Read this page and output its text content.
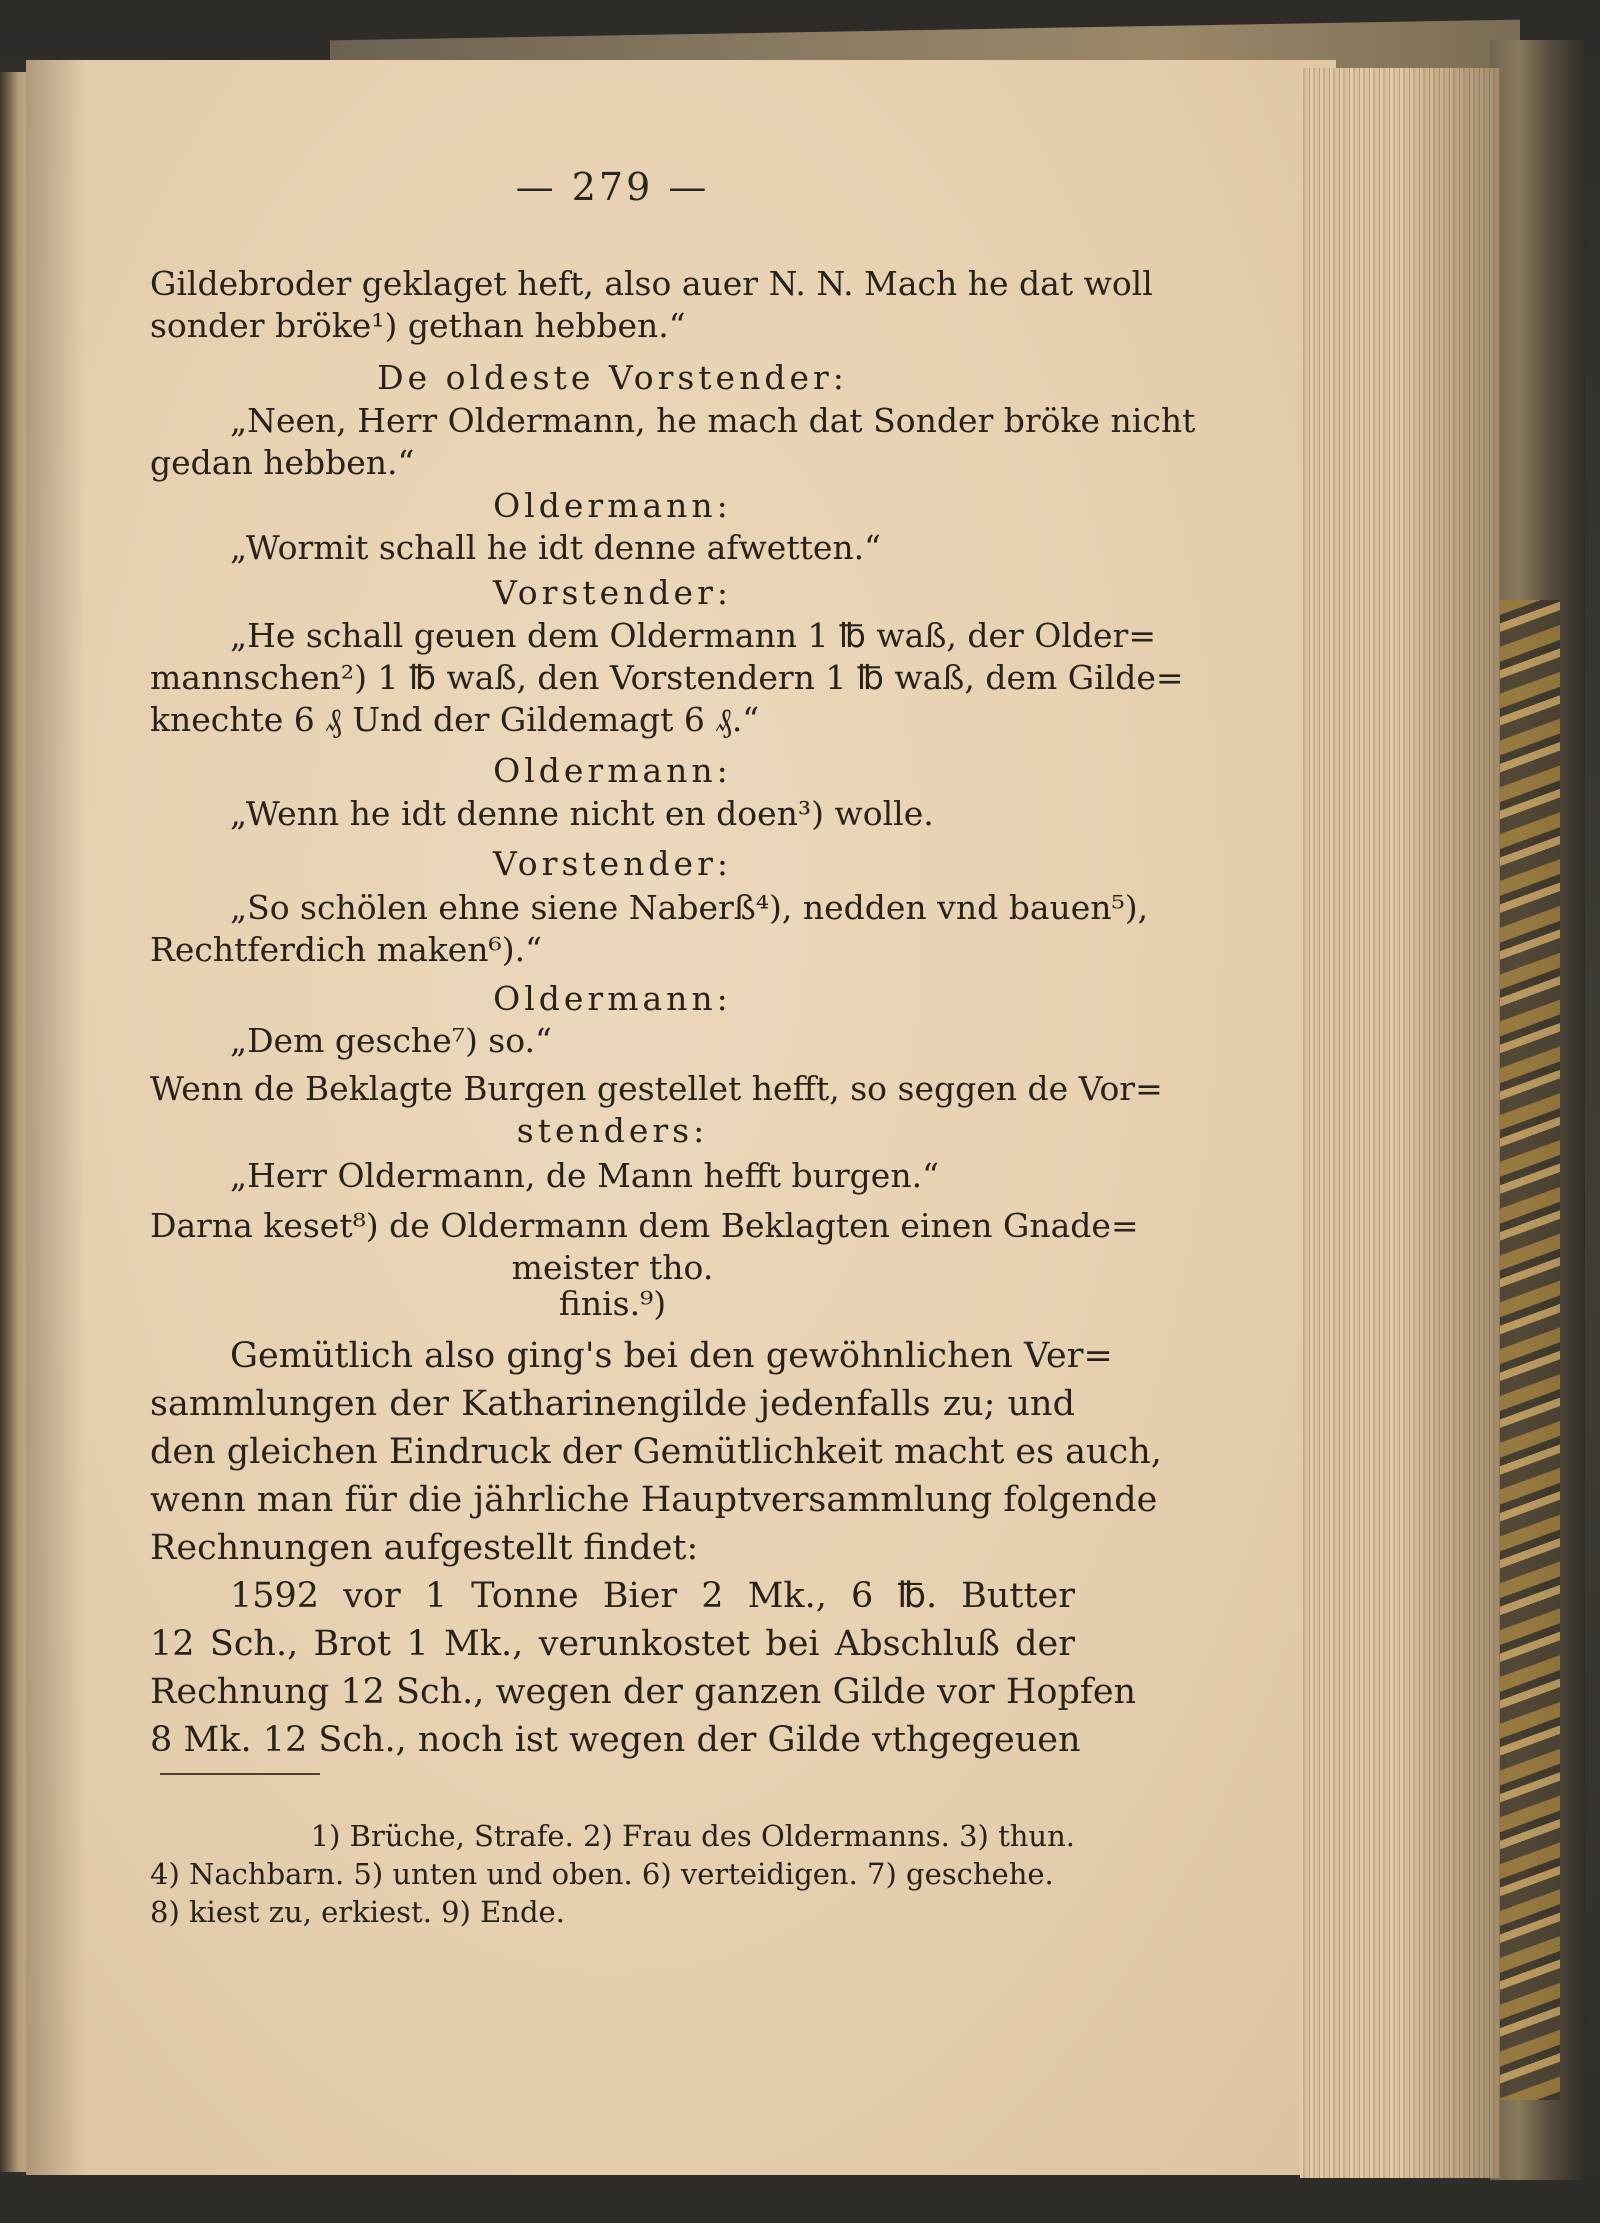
— 279 —
Gildebroder geklaget heft, also auer N. N. Mach he dat woll
sonder bröke¹) gethan hebben.“
De oldeste Vorstender:
„Neen, Herr Oldermann, he mach dat Sonder bröke nicht
gedan hebben.“
Oldermann:
„Wormit schall he idt denne afwetten.“
Vorstender:
„He schall geuen dem Oldermann 1 ℔ waß, der Older=
mannschen²) 1 ℔ waß, den Vorstendern 1 ℔ waß, dem Gilde=
knechte 6 ₰ Und der Gildemagt 6 ₰.“
Oldermann:
„Wenn he idt denne nicht en doen³) wolle.
Vorstender:
„So schölen ehne siene Naberß⁴), nedden vnd bauen⁵),
Rechtferdich maken⁶).“
Oldermann:
„Dem gesche⁷) so.“
Wenn de Beklagte Burgen gestellet hefft, so seggen de Vor=
stenders:
„Herr Oldermann, de Mann hefft burgen.“
Darna keset⁸) de Oldermann dem Beklagten einen Gnade=
meister tho.
finis.⁹)
Gemütlich also ging's bei den gewöhnlichen Ver=
sammlungen der Katharinengilde jedenfalls zu; und
den gleichen Eindruck der Gemütlichkeit macht es auch,
wenn man für die jährliche Hauptversammlung folgende
Rechnungen aufgestellt findet:
1592 vor 1 Tonne Bier 2 Mk., 6 ℔. Butter
12 Sch., Brot 1 Mk., verunkostet bei Abschluß der
Rechnung 12 Sch., wegen der ganzen Gilde vor Hopfen
8 Mk. 12 Sch., noch ist wegen der Gilde vthgegeuen
1) Brüche, Strafe. 2) Frau des Oldermanns. 3) thun.
4) Nachbarn. 5) unten und oben. 6) verteidigen. 7) geschehe.
8) kiest zu, erkiest. 9) Ende.
